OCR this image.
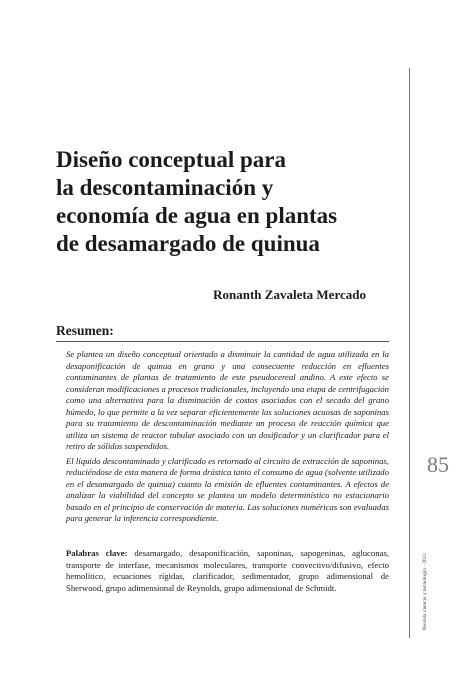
Diseño conceptual para
la descontaminación y
economía de agua en plantas
de desamargado de quinua

Ronanth Zavaleta Mercado

Resumen:

Se plantea un diseño conceptual orientado a disminuir la cantidad de agua utilizada en la desaponificación de quinua en grano y una consecuente reducción en efluentes contaminantes de plantas de tratamiento de este pseudocereal andino. A este efecto se consideran modificaciones a procesos tradicionales, incluyendo una etapa de centrifugación como una alternativa para la disminución de costos asociados con el secado del grano húmedo, lo que permite a la vez separar eficientemente las soluciones acuosas de saponinas para su tratamiento de descontaminación mediante un proceso de reacción química que utiliza un sistema de reactor tubular asociado con un dosificador y un clarificador para el retiro de sólidos suspendidos.

El líquido descontaminado y clarificado es retornado al circuito de extracción de saponinas, reduciéndose de esta manera de forma drástica tanto el consumo de agua (solvente utilizado en el desamargado de quinua) cuanto la emisión de efluentes contaminantes. A efectos de analizar la viabilidad del concepto se plantea un modelo determinístico no estacionario basado en el principio de conservación de materia. Las soluciones numéricas son evaluadas para generar la inferencia correspondiente.

Palabras clave: desamargado, desaponificación, saponinas, sapogeninas, agluconas, transporte de interfase, mecanismos moleculares, transporte convectivo/difusivo, efecto hemolítico, ecuaciones rígidas, clarificador, sedimentador, grupo adimensional de Sherwood, grupo adimensional de Reynolds, grupo adimensional de Schmidt.

85

Revista ciencia y tecnología · 2011
